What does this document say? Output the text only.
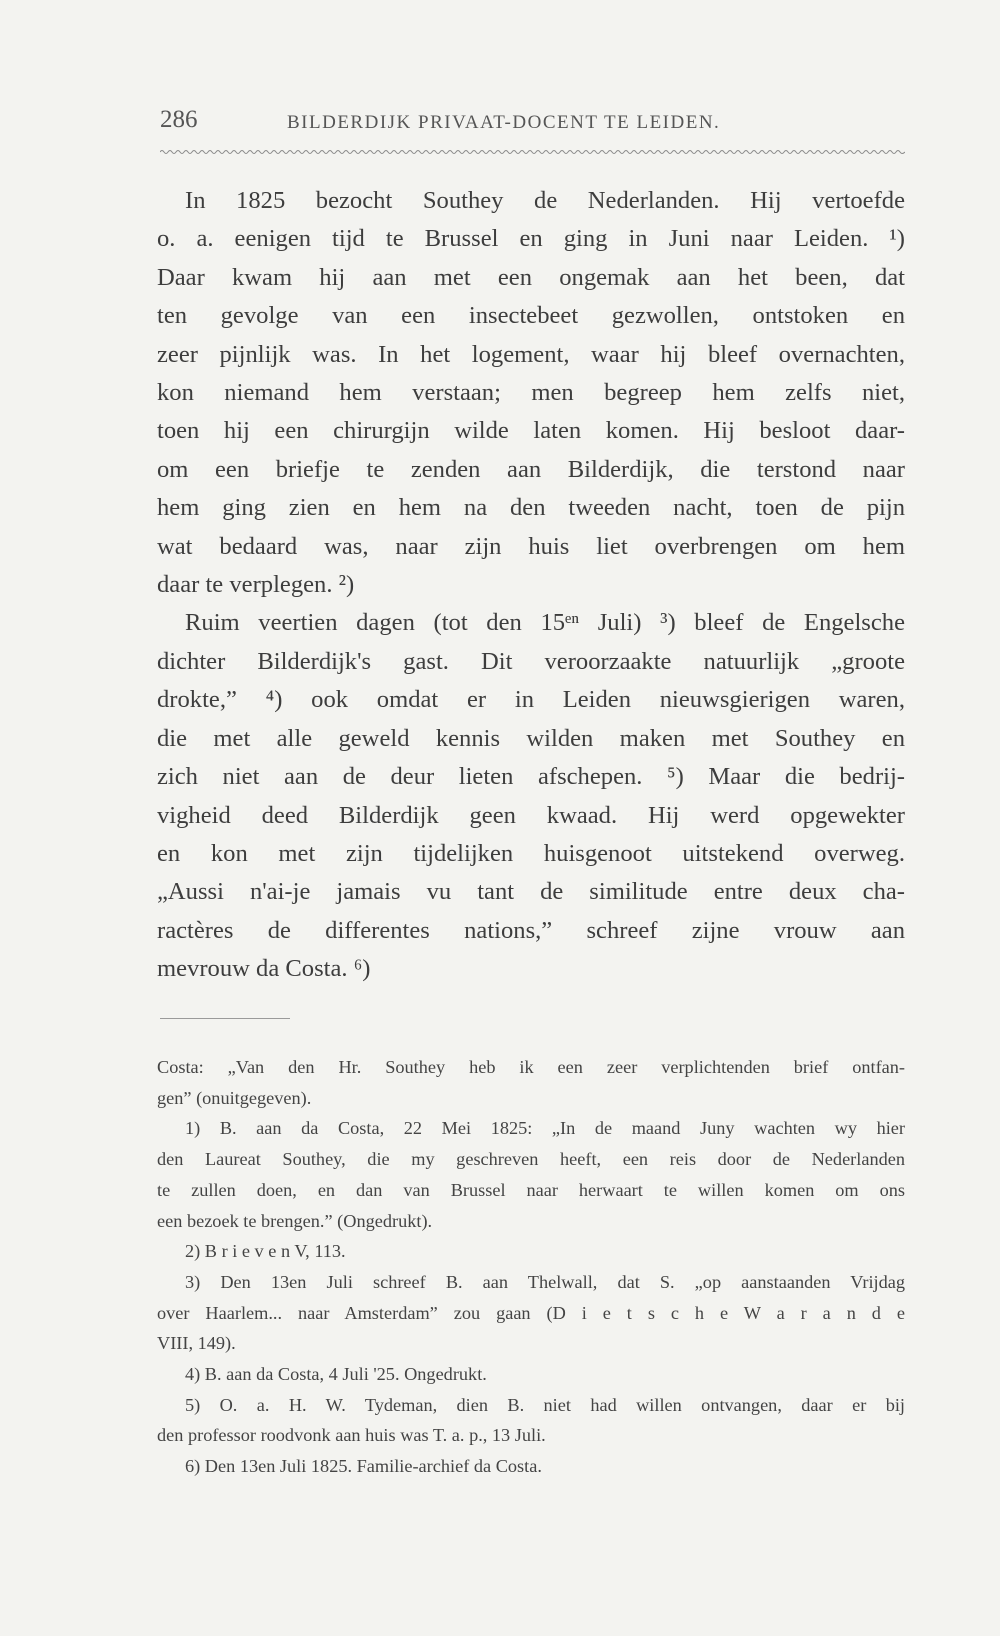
286	BILDERDIJK PRIVAAT-DOCENT TE LEIDEN.
In 1825 bezocht Southey de Nederlanden. Hij vertoefde
o. a. eenigen tijd te Brussel en ging in Juni naar Leiden. ¹)
Daar kwam hij aan met een ongemak aan het been, dat
ten gevolge van een insectebeet gezwollen, ontstoken en
zeer pijnlijk was. In het logement, waar hij bleef overnachten,
kon niemand hem verstaan; men begreep hem zelfs niet,
toen hij een chirurgijn wilde laten komen. Hij besloot daar-
om een briefje te zenden aan Bilderdijk, die terstond naar
hem ging zien en hem na den tweeden nacht, toen de pijn
wat bedaard was, naar zijn huis liet overbrengen om hem
daar te verplegen. ²)
Ruim veertien dagen (tot den 15ᵉⁿ Juli) ³) bleef de Engelsche
dichter Bilderdijk's gast. Dit veroorzaakte natuurlijk „groote
drokte,” ⁴) ook omdat er in Leiden nieuwsgierigen waren,
die met alle geweld kennis wilden maken met Southey en
zich niet aan de deur lieten afschepen. ⁵) Maar die bedrij-
vigheid deed Bilderdijk geen kwaad. Hij werd opgewekter
en kon met zijn tijdelijken huisgenoot uitstekend overweg.
„Aussi n'ai-je jamais vu tant de similitude entre deux cha-
ractères de differentes nations,” schreef zijne vrouw aan
mevrouw da Costa. ⁶)
Costa: „Van den Hr. Southey heb ik een zeer verplichtenden brief ontfan-
gen” (onuitgegeven).
1) B. aan da Costa, 22 Mei 1825: „In de maand Juny wachten wy hier
den Laureat Southey, die my geschreven heeft, een reis door de Nederlanden
te zullen doen, en dan van Brussel naar herwaart te willen komen om ons
een bezoek te brengen.” (Ongedrukt).
2) B r i e v e n V, 113.
3) Den 13en Juli schreef B. aan Thelwall, dat S. „op aanstaanden Vrijdag
over Haarlem... naar Amsterdam” zou gaan (D i e t s c h e W a r a n d e
VIII, 149).
4) B. aan da Costa, 4 Juli '25. Ongedrukt.
5) O. a. H. W. Tydeman, dien B. niet had willen ontvangen, daar er bij
den professor roodvonk aan huis was T. a. p., 13 Juli.
6) Den 13en Juli 1825. Familie-archief da Costa.
